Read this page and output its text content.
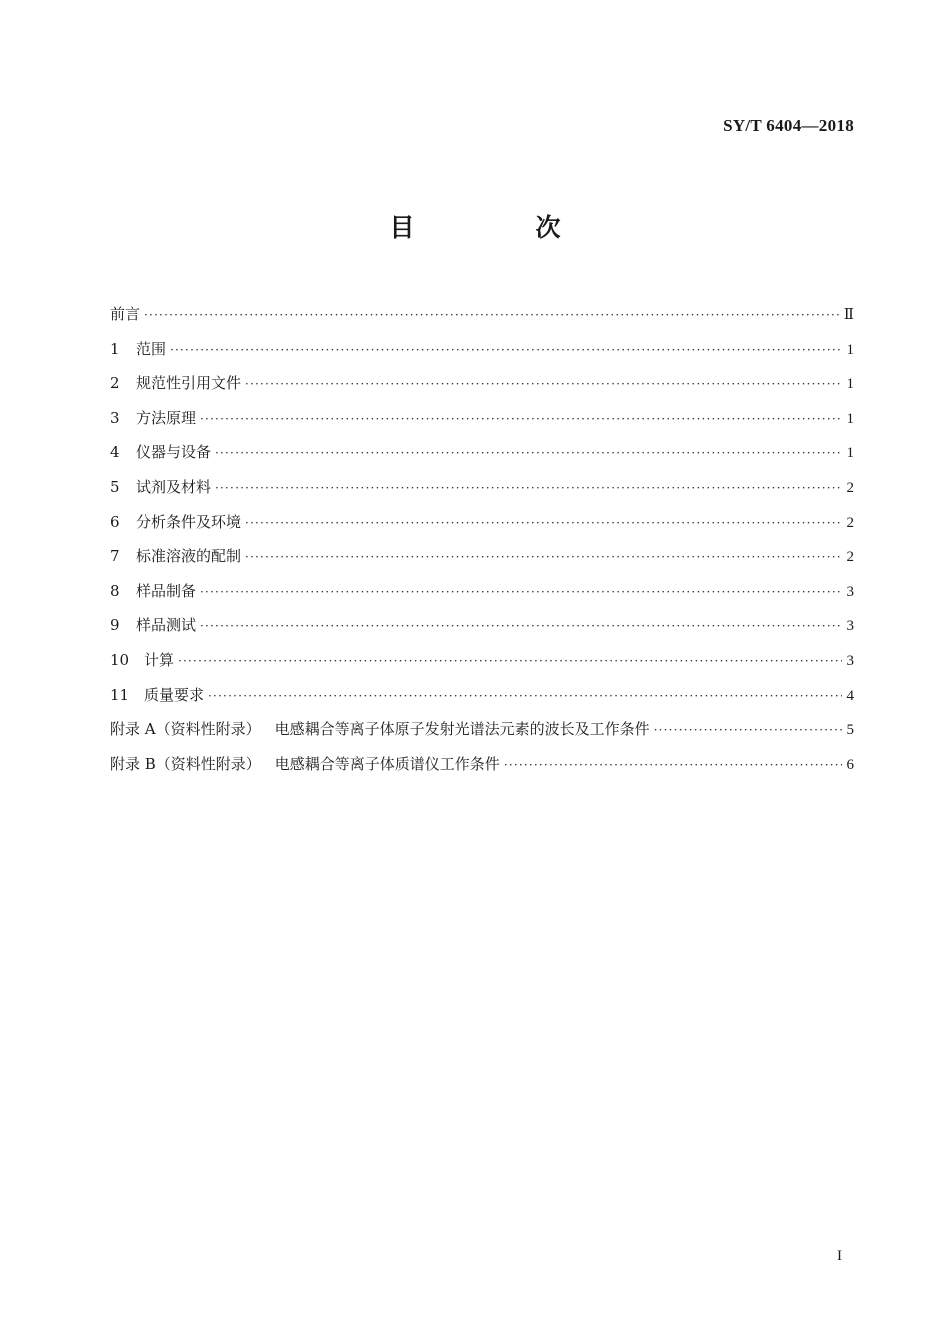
SY/T 6404—2018
目　次
前言 ·····	Ⅱ
1 范围 ·····	1
2 规范性引用文件 ·····	1
3 方法原理 ·····	1
4 仪器与设备 ·····	1
5 试剂及材料 ·····	2
6 分析条件及环境 ·····	2
7 标准溶液的配制 ·····	2
8 样品制备 ·····	3
9 样品测试 ·····	3
10 计算 ·····	3
11 质量要求 ·····	4
附录 A（资料性附录） 电感耦合等离子体原子发射光谱法元素的波长及工作条件 ·····	5
附录 B（资料性附录） 电感耦合等离子体质谱仪工作条件 ·····	6
I
